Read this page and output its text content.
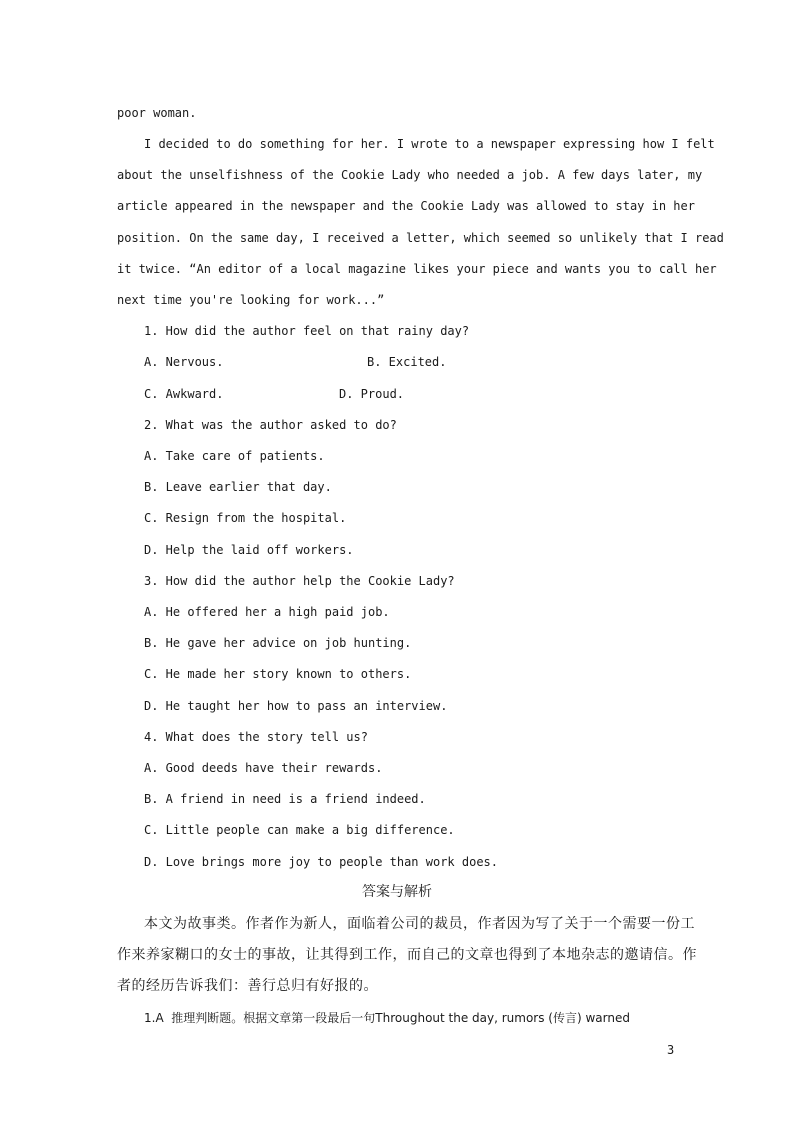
poor woman.
I decided to do something for her. I wrote to a newspaper expressing how I felt
about the unselfishness of the Cookie Lady who needed a job. A few days later, my
article appeared in the newspaper and the Cookie Lady was allowed to stay in her
position. On the same day, I received a letter, which seemed so unlikely that I read
it twice. “An editor of a local magazine likes your piece and wants you to call her
next time you're looking for work...”
1. How did the author feel on that rainy day?
A. Nervous.	B. Excited.
C. Awkward.	D. Proud.
2. What was the author asked to do?
A. Take care of patients.
B. Leave earlier that day.
C. Resign from the hospital.
D. Help the laid off workers.
3. How did the author help the Cookie Lady?
A. He offered her a high paid job.
B. He gave her advice on job hunting.
C. He made her story known to others.
D. He taught her how to pass an interview.
4. What does the story tell us?
A. Good deeds have their rewards.
B. A friend in need is a friend indeed.
C. Little people can make a big difference.
D. Love brings more joy to people than work does.
答案与解析
本文为故事类。作者作为新人，面临着公司的裁员，作者因为写了关于一个需要一份工
作来养家糊口的女士的事故，让其得到工作，而自己的文章也得到了本地杂志的邀请信。作
者的经历告诉我们：善行总归有好报的。
1.A  推理判断题。根据文章第一段最后一句Throughout the day, rumors (传言) warned
3
